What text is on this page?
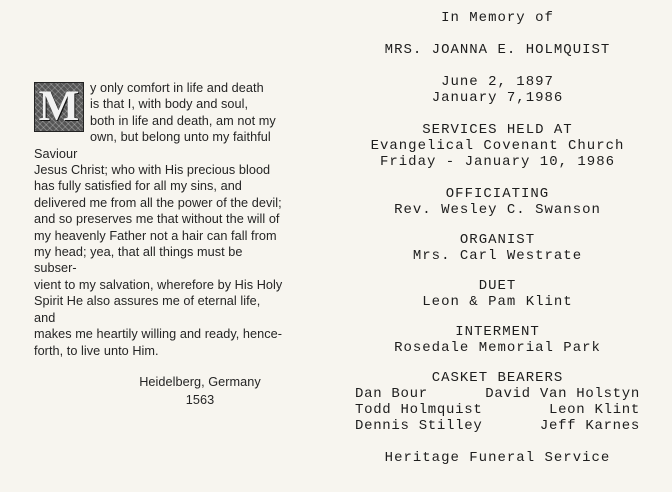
M y only comfort in life and death
is that I, with body and soul,
both in life and death, am not my
own, but belong unto my faithful Saviour
Jesus Christ; who with His precious blood
has fully satisfied for all my sins, and
delivered me from all the power of the devil;
and so preserves me that without the will of
my heavenly Father not a hair can fall from
my head; yea, that all things must be subser-
vient to my salvation, wherefore by His Holy
Spirit He also assures me of eternal life, and
makes me heartily willing and ready, hence-
forth, to live unto Him.

Heidelberg, Germany
1563
In Memory of
MRS. JOANNA E. HOLMQUIST
June 2, 1897
January 7,1986
SERVICES HELD AT
Evangelical Covenant Church
Friday - January 10, 1986
OFFICIATING
Rev. Wesley C. Swanson
ORGANIST
Mrs. Carl Westrate
DUET
Leon & Pam Klint
INTERMENT
Rosedale Memorial Park
CASKET BEARERS
Dan Bour	David Van Holstyn
Todd Holmquist	Leon Klint
Dennis Stilley	Jeff Karnes
Heritage Funeral Service
